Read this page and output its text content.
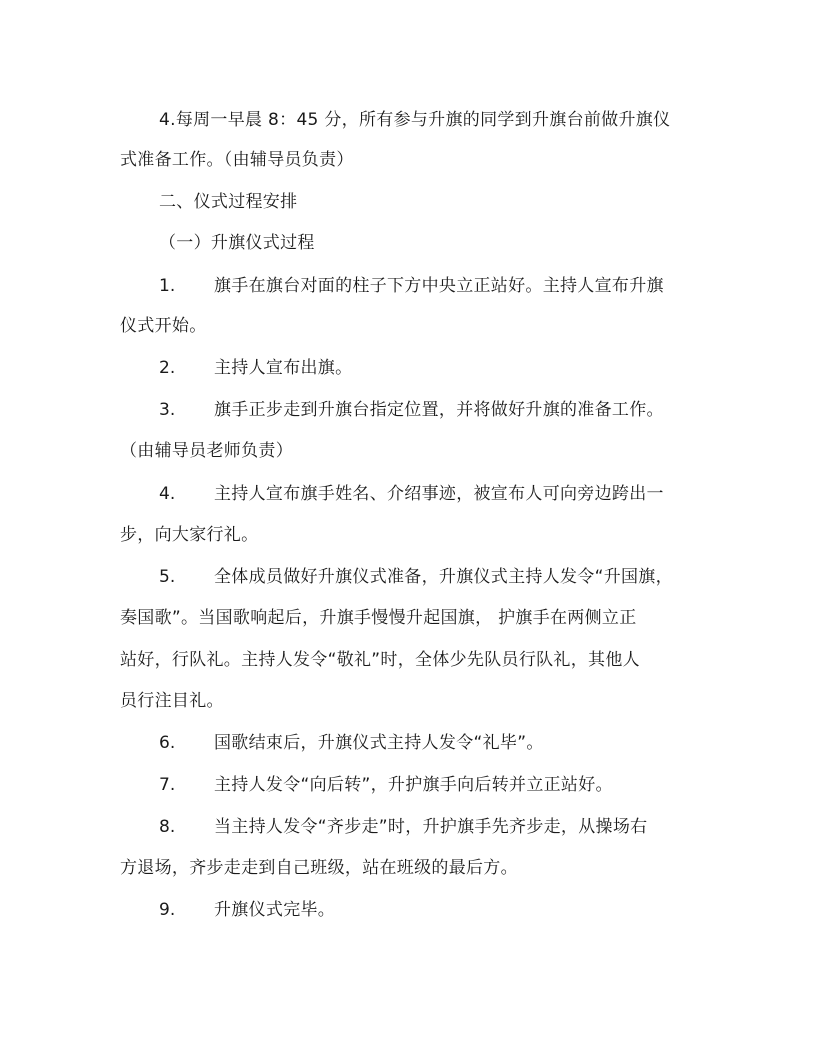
4.每周一早晨 8：45 分，所有参与升旗的同学到升旗台前做升旗仪
式准备工作。（由辅导员负责）
二、仪式过程安排
（一）升旗仪式过程
1. 旗手在旗台对面的柱子下方中央立正站好。主持人宣布升旗
仪式开始。
2. 主持人宣布出旗。
3. 旗手正步走到升旗台指定位置，并将做好升旗的准备工作。
（由辅导员老师负责）
4. 主持人宣布旗手姓名、介绍事迹，被宣布人可向旁边跨出一
步，向大家行礼。
5. 全体成员做好升旗仪式准备，升旗仪式主持人发令“升国旗，
奏国歌”。当国歌响起后，升旗手慢慢升起国旗， 护旗手在两侧立正
站好，行队礼。主持人发令“敬礼”时，全体少先队员行队礼，其他人
员行注目礼。
6. 国歌结束后，升旗仪式主持人发令“礼毕”。
7. 主持人发令“向后转”，升护旗手向后转并立正站好。
8. 当主持人发令“齐步走”时，升护旗手先齐步走，从操场右
方退场，齐步走走到自己班级，站在班级的最后方。
9. 升旗仪式完毕。
